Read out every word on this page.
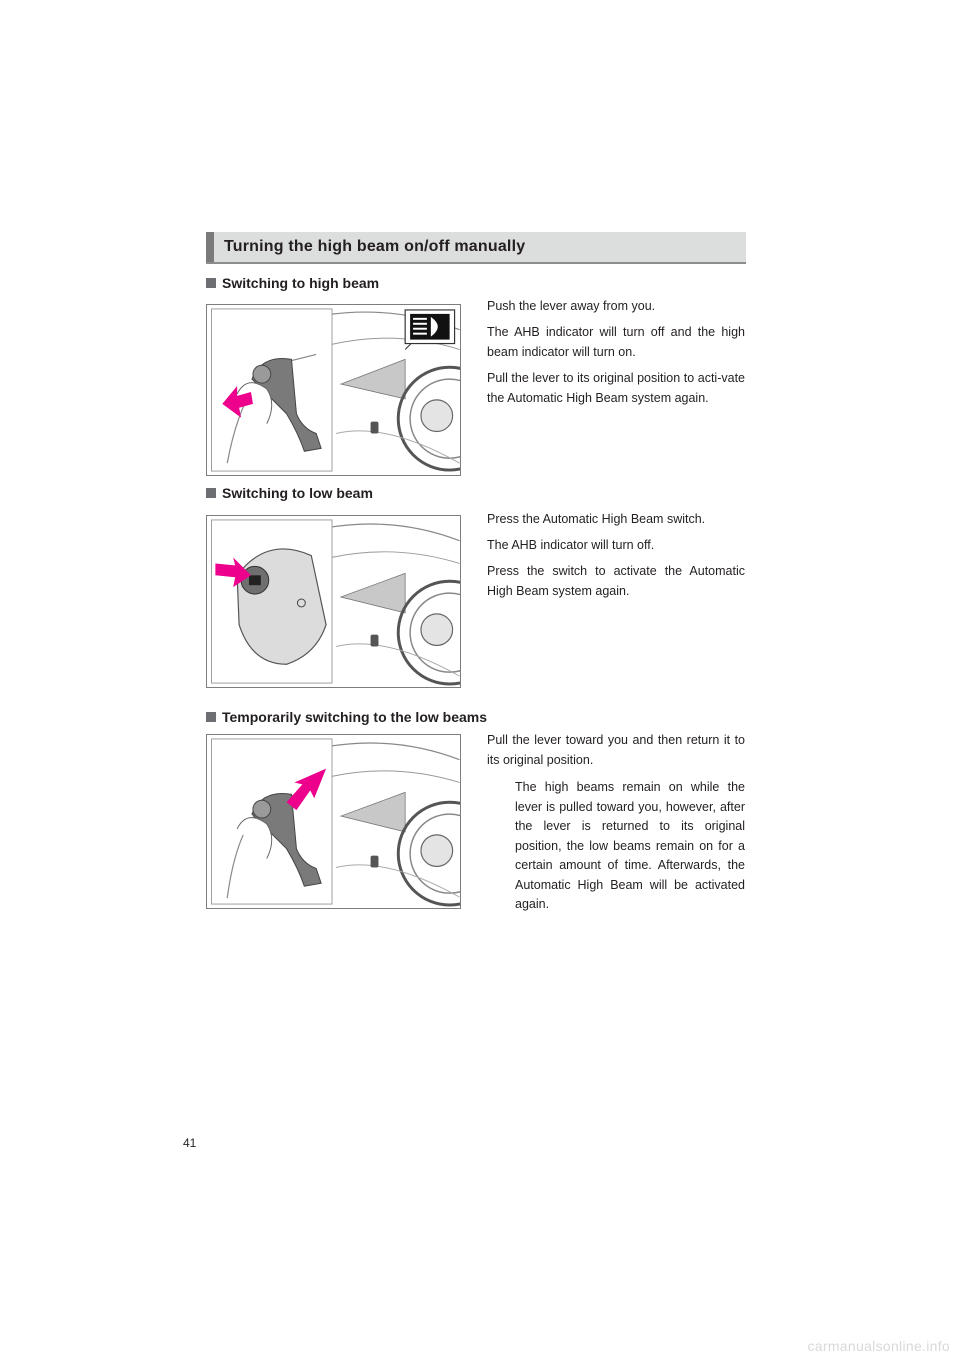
Turning the high beam on/off manually
Switching to high beam

Push the lever away from you.

The AHB indicator will turn off and the high beam indicator will turn on.

Pull the lever to its original position to acti-vate the Automatic High Beam system again.

Switching to low beam

Press the Automatic High Beam switch.

The AHB indicator will turn off.

Press the switch to activate the Automatic High Beam system again.

Temporarily switching to the low beams

Pull the lever toward you and then return it to its original position.

The high beams remain on while the lever is pulled toward you, however, after the lever is returned to its original position, the low beams remain on for a certain amount of time. Afterwards, the Automatic High Beam will be activated again.

41
carmanualsonline.info
